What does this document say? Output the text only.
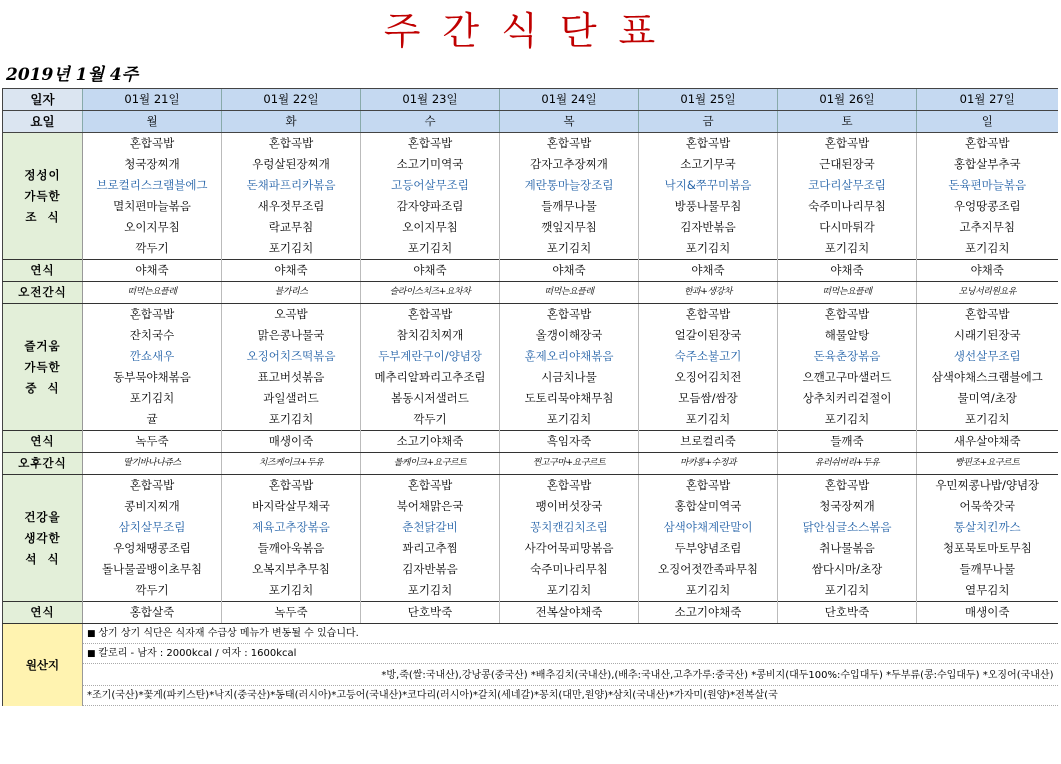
주간식단표
2019년 1월 4주
일자	01월 21일	01월 22일	01월 23일	01월 24일	01월 25일	01월 26일	01월 27일
요일	월	화	수	목	금	토	일
정성이
가득한
조  식	혼합곡밥	혼합곡밥	혼합곡밥	혼합곡밥	혼합곡밥	혼합곡밥	혼합곡밥
	청국장찌개	우렁살된장찌개	소고기미역국	감자고추장찌개	소고기무국	근대된장국	홍합살부추국
	브로컬리스크램블에그	돈채파프리카볶음	고등어살무조림	계란통마늘장조림	낙지&쭈꾸미볶음	코다리살무조림	돈육편마늘볶음
	멸치편마늘볶음	새우젓무조림	감자양파조림	들깨무나물	방풍나물무침	숙주미나리무침	우엉땅콩조림
	오이지무침	락교무침	오이지무침	깻잎지무침	김자반볶음	다시마튀각	고추지무침
	깍두기	포기김치	포기김치	포기김치	포기김치	포기김치	포기김치
연식	야채죽	야채죽	야채죽	야채죽	야채죽	야채죽	야채죽
오전간식	떠먹는요플레	블가리스	슬라이스치즈+요차차	떠먹는요플레	한과+생강차	떠먹는요플레	모닝서리원요유
즐거움
가득한
중  식	혼합곡밥	오곡밥	혼합곡밥	혼합곡밥	혼합곡밥	혼합곡밥	혼합곡밥
	잔치국수	맑은콩나물국	참치김치찌개	올갱이해장국	얼갈이된장국	해물알탕	시래기된장국
	깐쇼새우	오징어치즈떡볶음	두부계란구이/양념장	훈제오리야채볶음	숙주소불고기	돈육춘장볶음	생선살무조림
	동부묵야채볶음	표고버섯볶음	메추리알꽈리고추조림	시금치나물	오징어김치전	으깬고구마샐러드	삼색야채스크램블에그
	포기김치	과일샐러드	봄동시저샐러드	도토리묵야채무침	모듬쌈/쌈장	상추치커리겉절이	물미역/초장
	귤	포기김치	깍두기	포기김치	포기김치	포기김치	포기김치
연식	녹두죽	매생이죽	소고기야채죽	흑임자죽	브로컬리죽	들깨죽	새우살야채죽
오후간식	딸기바나나쥬스	치즈케이크+두유	롤케이크+요구르트	찐고구마+요구르트	마카롱+수정과	유러쉬버리+두유	빵핀조+요구르트
건강을
생각한
석  식	혼합곡밥	혼합곡밥	혼합곡밥	혼합곡밥	혼합곡밥	혼합곡밥	우민찌콩나밥/양념장
	콩비지찌개	바지락살무채국	북어채맑은국	팽이버섯장국	홍합살미역국	청국장찌개	어묵쑥갓국
	삼치살무조림	제육고추장볶음	춘천닭갈비	꽁치캔김치조림	삼색야채계란말이	닭안심글소스볶음	통살치킨까스
	우엉채땡콩조림	들깨아욱볶음	꽈리고추찜	사각어묵피망볶음	두부양념조림	취나물볶음	청포묵토마토무침
	돌나물골뱅이초무침	오복지부추무침	김자반볶음	숙주미나리무침	오징어젓깐족파무침	쌈다시마/초장	들깨무나물
	깍두기	포기김치	포기김치	포기김치	포기김치	포기김치	열무김치
연식	홍합살죽	녹두죽	단호박죽	전복살야채죽	소고기야채죽	단호박죽	매생이죽
원산지	■ 상기 상기 식단은 식자재 수급상 메뉴가 변동될 수 있습니다.
■ 칼로리 - 남자 : 2000kcal / 여자 : 1600kcal
*방,죽(쌀:국내산),강낭콩(중국산) *배추김치(국내산),(배추:국내산,고추가루:중국산) *콩비지(대두100%:수입대두) *두부류(콩:수입대두) *오징어(국내산)
*조기(국산)*꽃게(파키스탄)*낙지(중국산)*동태(러시아)*고등어(국내산)*코다리(러시아)*갈치(세네갈)*꽁치(대만,원양)*삼치(국내산)*가자미(원양)*전복살(국						
